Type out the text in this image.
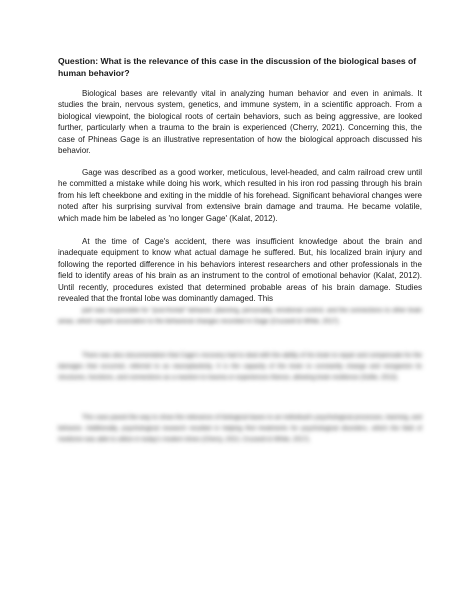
Question: What is the relevance of this case in the discussion of the biological bases of human behavior?

Biological bases are relevantly vital in analyzing human behavior and even in animals. It studies the brain, nervous system, genetics, and immune system, in a scientific approach. From a biological viewpoint, the biological roots of certain behaviors, such as being aggressive, are looked further, particularly when a trauma to the brain is experienced (Cherry, 2021). Concerning this, the case of Phineas Gage is an illustrative representation of how the biological approach discussed his behavior.

Gage was described as a good worker, meticulous, level-headed, and calm railroad crew until he committed a mistake while doing his work, which resulted in his iron rod passing through his brain from his left cheekbone and exiting in the middle of his forehead. Significant behavioral changes were noted after his surprising survival from extensive brain damage and trauma. He became volatile, which made him be labeled as 'no longer Gage' (Kalat, 2012).

At the time of Cage's accident, there was insufficient knowledge about the brain and inadequate equipment to know what actual damage he suffered. But, his localized brain injury and following the reported difference in his behaviors interest researchers and other professionals in the field to identify areas of his brain as an instrument to the control of emotional behavior (Kalat, 2012). Until recently, procedures existed that determined probable areas of his brain damage. Studies revealed that the frontal lobe was dominantly damaged. This
part was responsible for "post-frontal" behavior, planning, personality, emotional control, and the connections to other brain areas, which require association to the behavioral changes recorded in Gage (Cruzardi & White, 2017).

There was also documentation that Cage's recovery had to deal with the ability of his brain to repair and compensate for the damages that occurred, referred to as neuroplasticity. It is the capacity of the brain to constantly change and reorganize its structures, functions, and connections as a reaction to trauma or experiences thence, allowing brain resilience (Sollie, 2013).

This case paved the way to show the relevance of biological bases to an individual's psychological processes, learning, and behavior. Additionally, psychological research resulted in helping find treatments for psychological disorders, which the field of medicine was able to utilize in today's modern times (Cherry, 2021; Cruzardi & White, 2017).
